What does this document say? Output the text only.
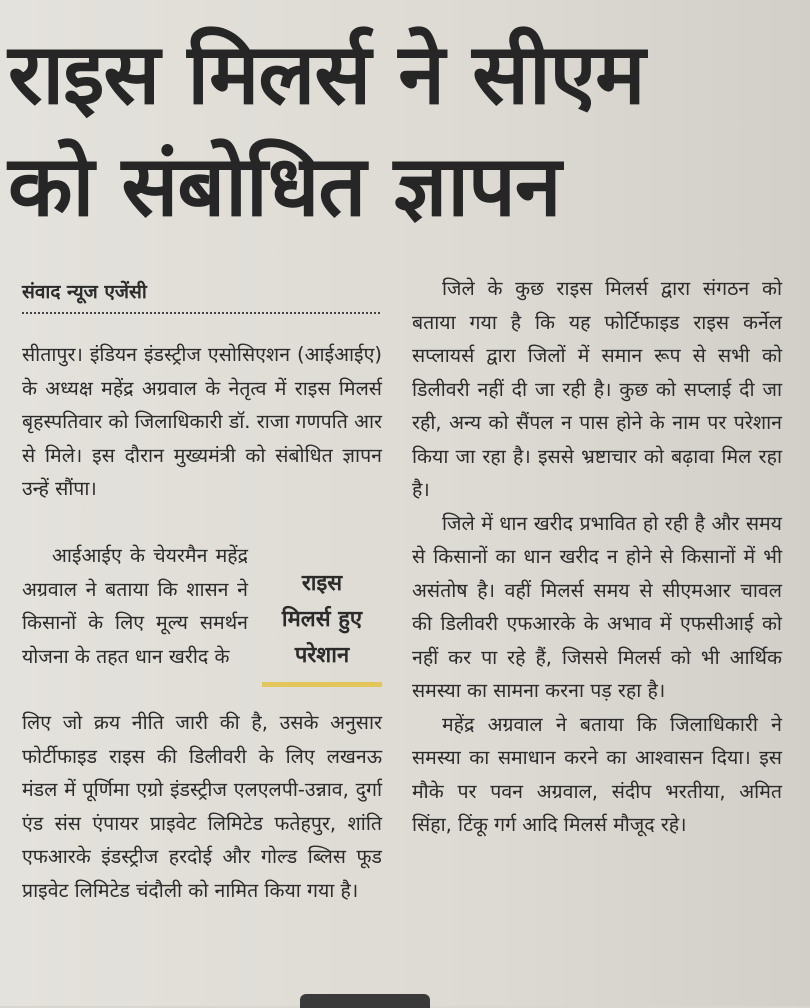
राइस मिलर्स ने सीएम
को संबोधित ज्ञापन
संवाद न्यूज एजेंसी

सीतापुर। इंडियन इंडस्ट्रीज एसोसिएशन (आईआईए) के अध्यक्ष महेंद्र अग्रवाल के नेतृत्व में राइस मिलर्स बृहस्पतिवार को जिलाधिकारी डॉ. राजा गणपति आर से मिले। इस दौरान मुख्यमंत्री को संबोधित ज्ञापन उन्हें सौंपा।

आईआईए के चेयरमैन महेंद्र अग्रवाल ने बताया कि शासन ने किसानों के लिए मूल्य समर्थन योजना के तहत धान खरीद के

राइस
मिलर्स हुए
परेशान

लिए जो क्रय नीति जारी की है, उसके अनुसार फोर्टीफाइड राइस की डिलीवरी के लिए लखनऊ मंडल में पूर्णिमा एग्रो इंडस्ट्रीज एलएलपी-उन्नाव, दुर्गा एंड संस एंपायर प्राइवेट लिमिटेड फतेहपुर, शांति एफआरके इंडस्ट्रीज हरदोई और गोल्ड ब्लिस फूड प्राइवेट लिमिटेड चंदौली को नामित किया गया है।

जिले के कुछ राइस मिलर्स द्वारा संगठन को बताया गया है कि यह फोर्टिफाइड राइस कर्नेल सप्लायर्स द्वारा जिलों में समान रूप से सभी को डिलीवरी नहीं दी जा रही है। कुछ को सप्लाई दी जा रही, अन्य को सैंपल न पास होने के नाम पर परेशान किया जा रहा है। इससे भ्रष्टाचार को बढ़ावा मिल रहा है।

जिले में धान खरीद प्रभावित हो रही है और समय से किसानों का धान खरीद न होने से किसानों में भी असंतोष है। वहीं मिलर्स समय से सीएमआर चावल की डिलीवरी एफआरके के अभाव में एफसीआई को नहीं कर पा रहे हैं, जिससे मिलर्स को भी आर्थिक समस्या का सामना करना पड़ रहा है।

महेंद्र अग्रवाल ने बताया कि जिलाधिकारी ने समस्या का समाधान करने का आश्वासन दिया। इस मौके पर पवन अग्रवाल, संदीप भरतीया, अमित सिंहा, टिंकू गर्ग आदि मिलर्स मौजूद रहे।
